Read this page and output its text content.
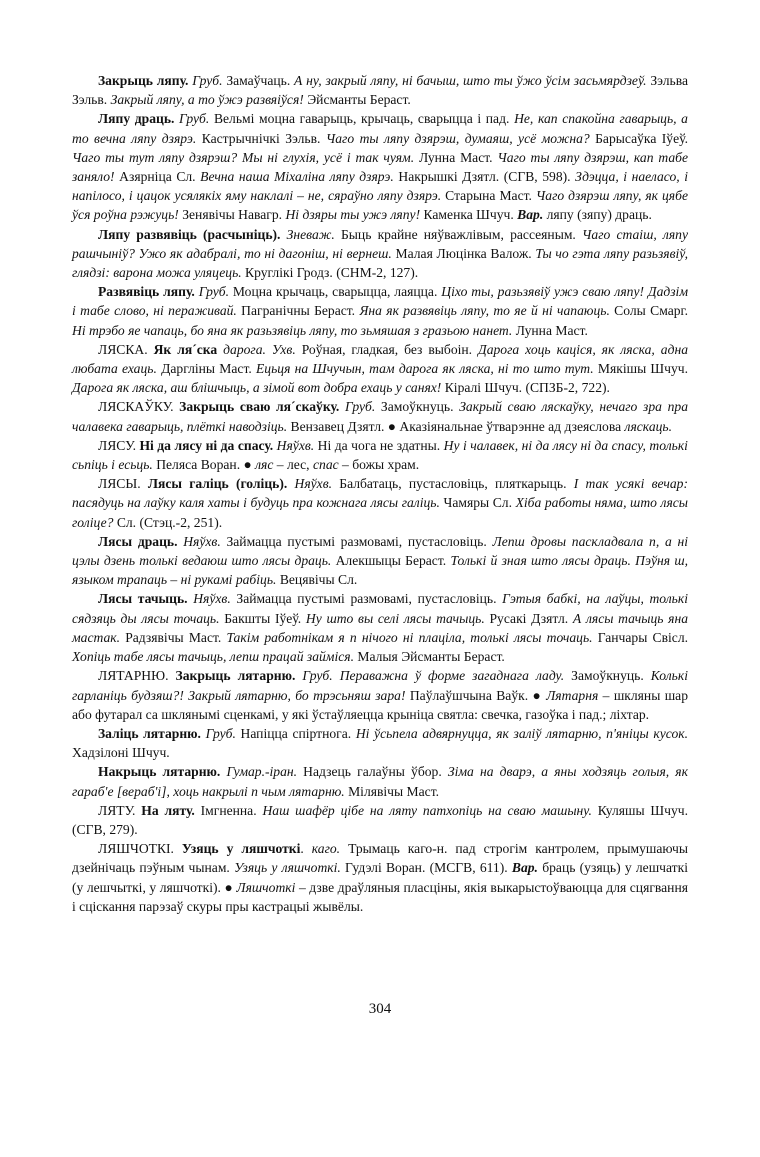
Закрыць ляпу. Груб. Замаўчаць. А ну, закрый ляпу, ні бачыш, што ты ўжо ўсім засьмярдзеў. Зэльва Зэльв. Закрый ляпу, а то ўжэ развяіўся! Эйсманты Бераст.

Ляпу драць. Груб. Вельмі моцна гаварыць, крычаць, сварыцца і пад. Не, кап спакойна гаварыць, а то вечна ляпу дзярэ. Кастрычнічкі Зэльв. Чаго ты ляпу дзярэш, думаяш, усё можна? Барысаўка Іўеў. Чаго ты тут ляпу дзярэш? Мы ні глухія, усё і так чуям. Лунна Маст. Чаго ты ляпу дзярэш, кап табе заняло! Азярніца Сл. Вечна наша Міхаліна ляпу дзярэ. Накрышкі Дзятл. (СГВ, 598). Здэцца, і наеласо, і напілосо, і цацок усялякіх яму наклалі – не, сяраўно ляпу дзярэ. Старына Маст. Чаго дзярэш ляпу, як цябе ўся роўна рэжуць! Зенявічы Навагр. Ні дзяры ты ужэ ляпу! Каменка Шчуч. Вар. ляпу (зяпу) драць.

Ляпу развявіць (расчыніць). Зневаж. Быць крайне няўважлівым, рассеяным. Чаго стаіш, ляпу рашчыніў? Ужо як адабралі, то ні дагоніш, ні вернеш. Малая Люцінка Валож. Ты чо гэта ляпу разьзявіў, глядзі: варона можа уляцець. Круглікі Гродз. (СНМ-2, 127).

Развявіць ляпу. Груб. Моцна крычаць, сварыцца, лаяцца. Ціхо ты, разьзявіў ужэ сваю ляпу! Дадзім і табе слово, ні пераживай. Пагранічны Бераст. Яна як развявіць ляпу, то яе й ні чапаюць. Солы Смарг. Ні трэбо яе чапаць, бо яна як разьзявіць ляпу, то зьмяшая з гразьою нанет. Лунна Маст.

ЛЯСКА. Як ля´ска дарога. Ухв. Роўная, гладкая, без выбоін. Дарога хоць каціся, як ляска, адна любата ехаць. Даргліны Маст. Ецьця на Шчучын, там дарога як ляска, ні то што тут. Мякішы Шчуч. Дарога як ляска, аш блішчыць, а зімой вот добра ехаць у санях! Кіралі Шчуч. (СПЗБ-2, 722).

ЛЯСКАЎКУ. Закрыць сваю ля´скаўку. Груб. Замоўкнуць. Закрый сваю ляскаўку, нечаго зра пра чалавека гаварыць, плёткі наводзіць. Вензавец Дзятл. ● Аказіянальнае ўтварэнне ад дзеяслова ляскаць.

ЛЯСУ. Ні да лясу ні да спасу. Няўхв. Ні да чога не здатны. Ну і чалавек, ні да лясу ні да спасу, толькі сьпіць і есьць. Пеляса Воран. ● ляс – лес, спас – божы храм.

ЛЯСЫ. Лясы галіць (голіць). Няўхв. Балбатаць, пустасловіць, пляткарыць. І так усякі вечар: пасядуць на лаўку каля хаты і будуць пра кожнага лясы галіць. Чамяры Сл. Хіба работы няма, што лясы голіце? Сл. (Стэц.-2, 251).

Лясы драць. Няўхв. Займацца пустымі размовамі, пустасловіць. Лепш дровы паскладвала п, а ні цэлы дзень толькі ведаюш што лясы драць. Алекшыцы Бераст. Толькі й зная што лясы драць. Пэўня ш, языком трапаць – ні рукамі рабіць. Вецявічы Сл.

Лясы тачыць. Няўхв. Займацца пустымі размовамі, пустасловіць. Гэтыя бабкі, на лаўцы, толькі сядзяць ды лясы точаць. Бакшты Іўеў. Ну што вы селі лясы тачыць. Русакі Дзятл. А лясы тачыць яна мастак. Радзявічы Маст. Такім работнікам я п нічого ні плаціла, толькі лясы точаць. Ганчары Свісл. Хопіць табе лясы тачыць, лепш працай займіся. Малыя Эйсманты Бераст.

ЛЯТАРНЮ. Закрыць лятарню. Груб. Пераважна ў форме загаднага ладу. Замоўкнуць. Колькі гарланіць будзяш?! Закрый лятарню, бо трэсьняш зара! Паўлаўшчына Ваўк. ● Лятарня – шкляны шар або футарал са шклянымі сценкамі, у які ўстаўляецца крыніца святла: свечка, газоўка і пад.; ліхтар.

Заліць лятарню. Груб. Напіцца спіртнога. Ні ўсьпела адвярнуцца, як заліў лятарню, п'яніцы кусок. Хадзілоні Шчуч.

Накрыць лятарню. Гумар.-іран. Надзець галаўны ўбор. Зіма на дварэ, а яны ходзяць голыя, як гараб'е [вераб'і], хоць накрылі п чым лятарню. Мілявічы Маст.

ЛЯТУ. На ляту. Імгненна. Наш шафёр цібе на ляту патхопіць на сваю машыну. Куляшы Шчуч. (СГВ, 279).

ЛЯШЧОТКІ. Узяць у ляшчоткі. каго. Трымаць каго-н. пад строгім кантролем, прымушаючы дзейнічаць пэўным чынам. Узяць у ляшчоткі. Гудэлі Воран. (МСГВ, 611). Вар. браць (узяць) у лешчаткі (у лешчыткі, у ляшчоткі). ● Ляшчоткі – дзве драўляныя пласціны, якія выкарыстоўваюцца для сцягвання і сціскання парэзаў скуры пры кастрацыі жывёлы.

304
